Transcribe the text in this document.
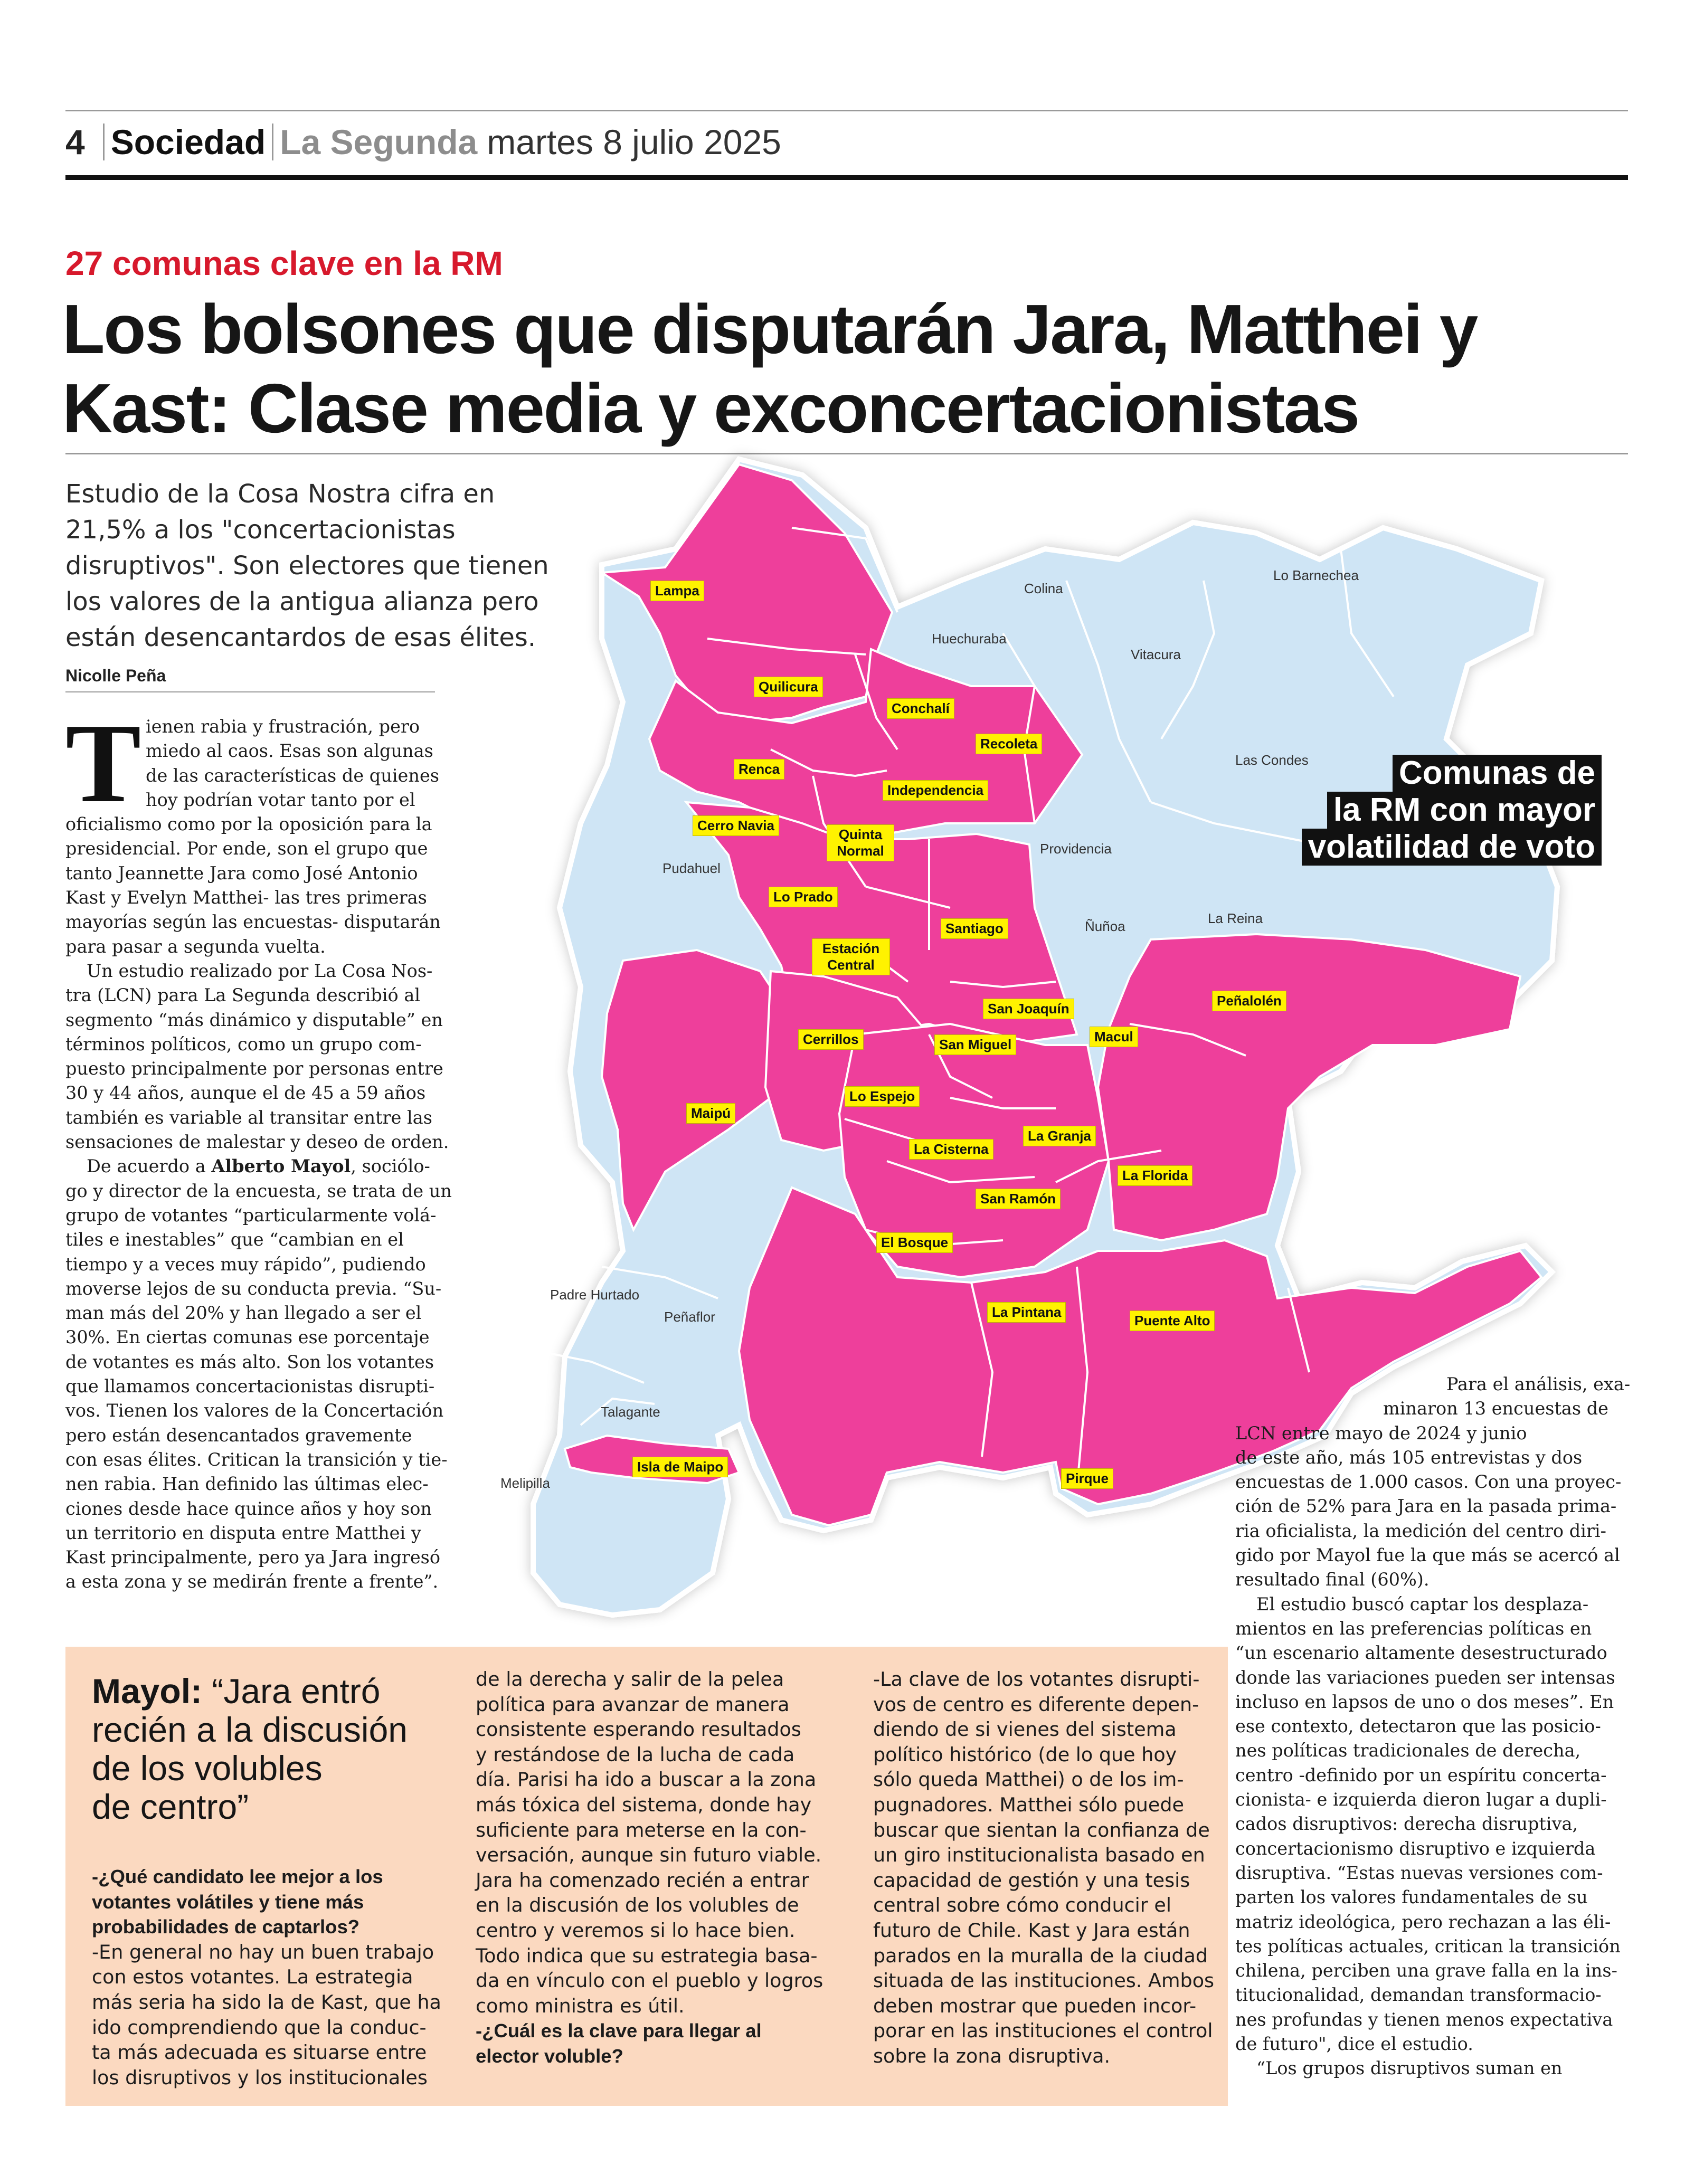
4 Sociedad La Segunda martes 8 julio 2025
27 comunas clave en la RM
Los bolsones que disputarán Jara, Matthei y
Kast: Clase media y exconcertacionistas
Estudio de la Cosa Nostra cifra en
21,5% a los "concertacionistas
disruptivos". Son electores que tienen
los valores de la antigua alianza pero
están desencantardos de esas élites.
Nicolle Peña
Colina
Lo Barnechea
Huechuraba
Vitacura
Las Condes
Providencia
Pudahuel
Ñuñoa	La Reina
Padre Hurtado
Peñaflor
Talagante
Melipilla
Lampa
Quilicura
Conchalí
Recoleta
Renca
Independencia
Cerro Navia
Quinta Normal
Lo Prado
Santiago
Estación Central
San Joaquín	Peñalolén
Cerrillos	San Miguel	Macul
Maipú
Lo Espejo
La Granja
La Cisterna
La Florida
San Ramón
El Bosque
La Pintana
Puente Alto
Isla de Maipo
Pirque
Comunas de
la RM con mayor
volatilidad de voto
T ienen rabia y frustración, pero
miedo al caos. Esas son algunas
de las características de quienes
hoy podrían votar tanto por el
oficialismo como por la oposición para la
presidencial. Por ende, son el grupo que
tanto Jeannette Jara como José Antonio
Kast y Evelyn Matthei- las tres primeras
mayorías según las encuestas- disputarán
para pasar a segunda vuelta.
Un estudio realizado por La Cosa Nos-
tra (LCN) para La Segunda describió al
segmento “más dinámico y disputable” en
términos políticos, como un grupo com-
puesto principalmente por personas entre
30 y 44 años, aunque el de 45 a 59 años
también es variable al transitar entre las
sensaciones de malestar y deseo de orden.
De acuerdo a Alberto Mayol, sociólo-
go y director de la encuesta, se trata de un
grupo de votantes “particularmente volá-
tiles e inestables” que “cambian en el
tiempo y a veces muy rápido”, pudiendo
moverse lejos de su conducta previa. “Su-
man más del 20% y han llegado a ser el
30%. En ciertas comunas ese porcentaje
de votantes es más alto. Son los votantes
que llamamos concertacionistas disrupti-
vos. Tienen los valores de la Concertación
pero están desencantados gravemente
con esas élites. Critican la transición y tie-
nen rabia. Han definido las últimas elec-
ciones desde hace quince años y hoy son
un territorio en disputa entre Matthei y
Kast principalmente, pero ya Jara ingresó
a esta zona y se medirán frente a frente”.
Para el análisis, exa-
minaron 13 encuestas de
LCN entre mayo de 2024 y junio
de este año, más 105 entrevistas y dos
encuestas de 1.000 casos. Con una proyec-
ción de 52% para Jara en la pasada prima-
ria oficialista, la medición del centro diri-
gido por Mayol fue la que más se acercó al
resultado final (60%).
El estudio buscó captar los desplaza-
mientos en las preferencias políticas en
“un escenario altamente desestructurado
donde las variaciones pueden ser intensas
incluso en lapsos de uno o dos meses”. En
ese contexto, detectaron que las posicio-
nes políticas tradicionales de derecha,
centro -definido por un espíritu concerta-
cionista- e izquierda dieron lugar a dupli-
cados disruptivos: derecha disruptiva,
concertacionismo disruptivo e izquierda
disruptiva. “Estas nuevas versiones com-
parten los valores fundamentales de su
matriz ideológica, pero rechazan a las éli-
tes políticas actuales, critican la transición
chilena, perciben una grave falla en la ins-
titucionalidad, demandan transformacio-
nes profundas y tienen menos expectativa
de futuro", dice el estudio.
“Los grupos disruptivos suman en
Mayol: “Jara entró
recién a la discusión
de los volubles
de centro”
-¿Qué candidato lee mejor a los
votantes volátiles y tiene más
probabilidades de captarlos?
-En general no hay un buen trabajo
con estos votantes. La estrategia
más seria ha sido la de Kast, que ha
ido comprendiendo que la conduc-
ta más adecuada es situarse entre
los disruptivos y los institucionales
de la derecha y salir de la pelea
política para avanzar de manera
consistente esperando resultados
y restándose de la lucha de cada
día. Parisi ha ido a buscar a la zona
más tóxica del sistema, donde hay
suficiente para meterse en la con-
versación, aunque sin futuro viable.
Jara ha comenzado recién a entrar
en la discusión de los volubles de
centro y veremos si lo hace bien.
Todo indica que su estrategia basa-
da en vínculo con el pueblo y logros
como ministra es útil.
-¿Cuál es la clave para llegar al
elector voluble?
-La clave de los votantes disrupti-
vos de centro es diferente depen-
diendo de si vienes del sistema
político histórico (de lo que hoy
sólo queda Matthei) o de los im-
pugnadores. Matthei sólo puede
buscar que sientan la confianza de
un giro institucionalista basado en
capacidad de gestión y una tesis
central sobre cómo conducir el
futuro de Chile. Kast y Jara están
parados en la muralla de la ciudad
situada de las instituciones. Ambos
deben mostrar que pueden incor-
porar en las instituciones el control
sobre la zona disruptiva.
